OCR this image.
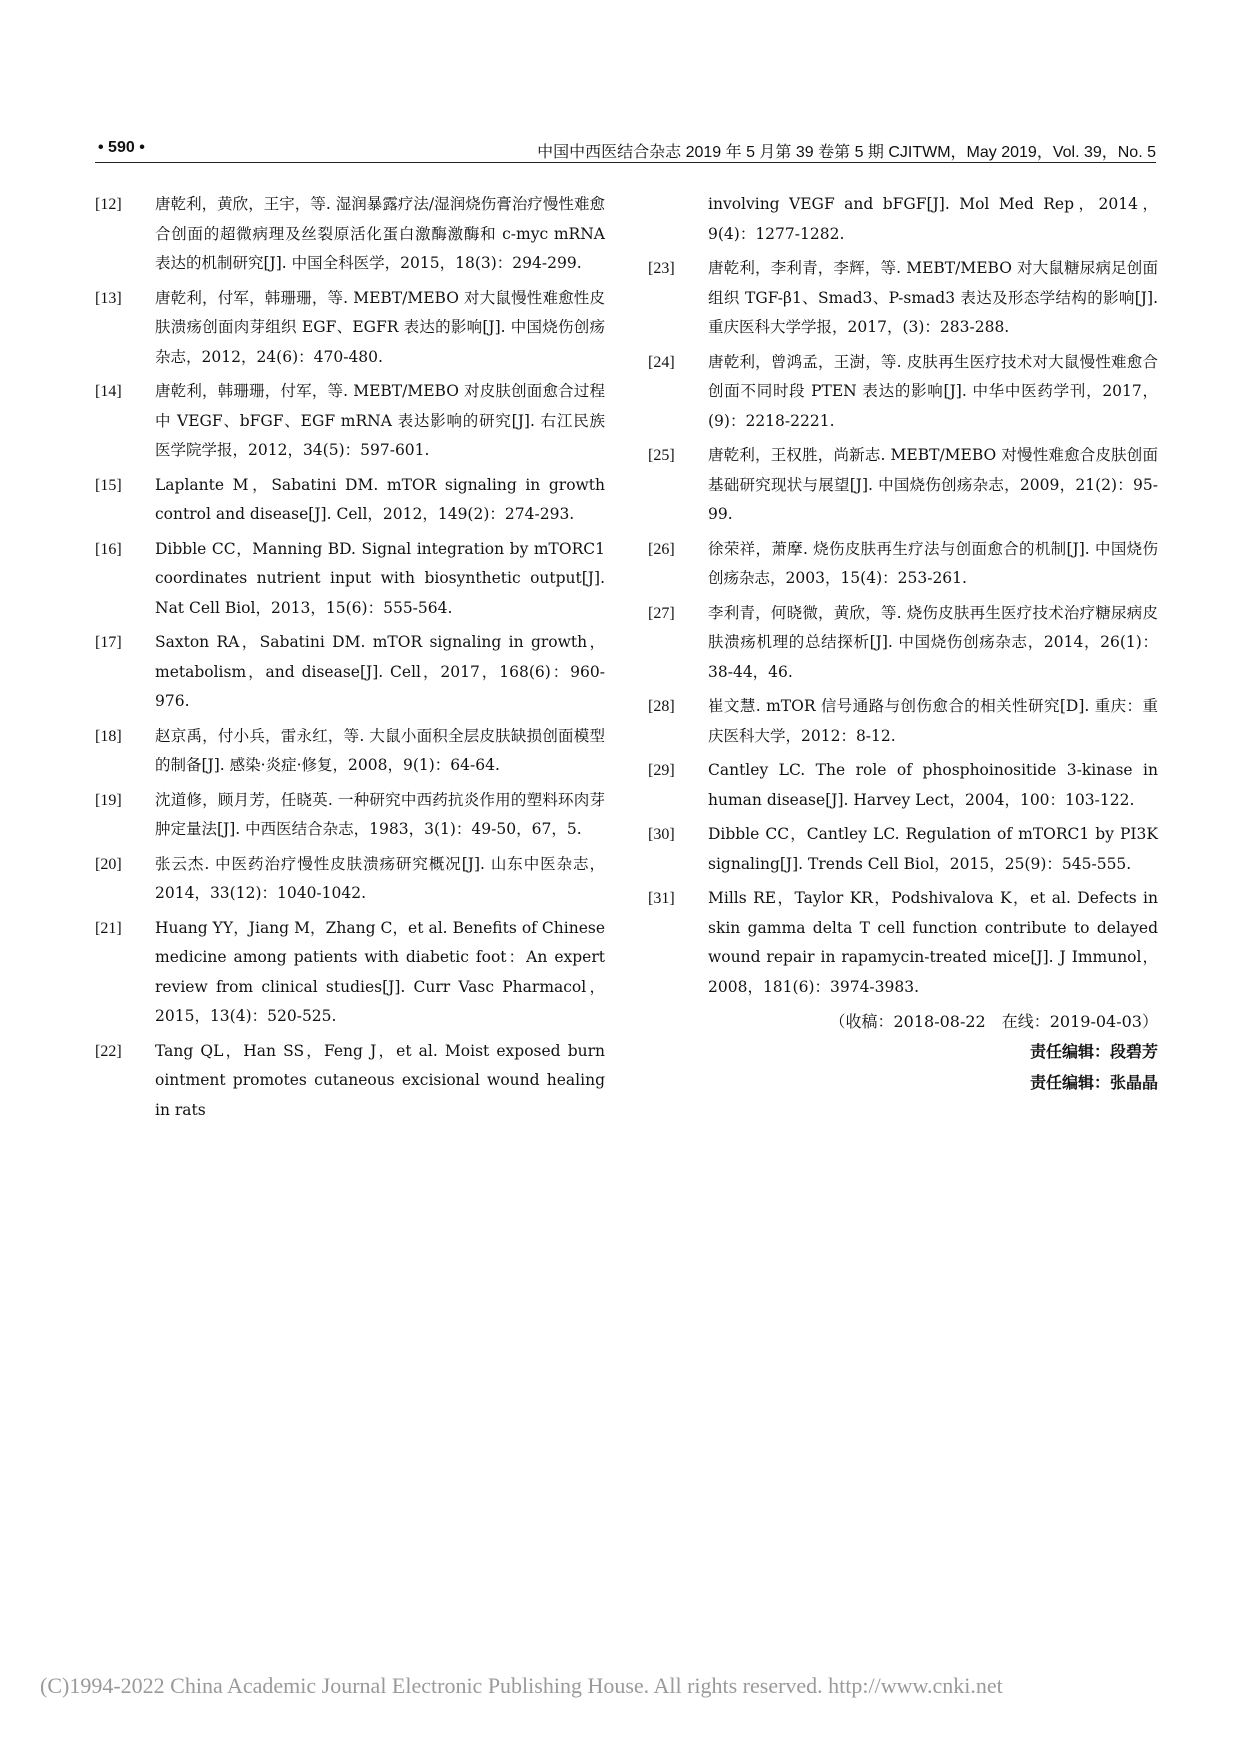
• 590 •	中国中西医结合杂志 2019 年 5 月第 39 卷第 5 期 CJITWM，May 2019，Vol. 39，No. 5
[12] 唐乾利，黄欣，王宇，等. 湿润暴露疗法/湿润烧伤膏治疗慢性难愈合创面的超微病理及丝裂原活化蛋白激酶激酶和 c-myc mRNA 表达的机制研究[J]. 中国全科医学，2015，18(3)：294-299.
[13] 唐乾利，付军，韩珊珊，等. MEBT/MEBO 对大鼠慢性难愈性皮肤溃疡创面肉芽组织 EGF、EGFR 表达的影响[J]. 中国烧伤创疡杂志，2012，24(6)：470-480.
[14] 唐乾利，韩珊珊，付军，等. MEBT/MEBO 对皮肤创面愈合过程中 VEGF、bFGF、EGF mRNA 表达影响的研究[J]. 右江民族医学院学报，2012，34(5)：597-601.
[15] Laplante M，Sabatini DM. mTOR signaling in growth control and disease[J]. Cell，2012，149(2)：274-293.
[16] Dibble CC，Manning BD. Signal integration by mTORC1 coordinates nutrient input with biosynthetic output[J]. Nat Cell Biol，2013，15(6)：555-564.
[17] Saxton RA，Sabatini DM. mTOR signaling in growth，metabolism，and disease[J]. Cell，2017，168(6)：960-976.
[18] 赵京禹，付小兵，雷永红，等. 大鼠小面积全层皮肤缺损创面模型的制备[J]. 感染·炎症·修复，2008，9(1)：64-64.
[19] 沈道修，顾月芳，任晓英. 一种研究中西药抗炎作用的塑料环肉芽肿定量法[J]. 中西医结合杂志，1983，3(1)：49-50，67，5.
[20] 张云杰. 中医药治疗慢性皮肤溃疡研究概况[J]. 山东中医杂志，2014，33(12)：1040-1042.
[21] Huang YY，Jiang M，Zhang C，et al. Benefits of Chinese medicine among patients with diabetic foot：An expert review from clinical studies[J]. Curr Vasc Pharmacol，2015，13(4)：520-525.
[22] Tang QL，Han SS，Feng J，et al. Moist exposed burn ointment promotes cutaneous excisional wound healing in rats
involving VEGF and bFGF[J]. Mol Med Rep，2014，9(4)：1277-1282.
[23] 唐乾利，李利青，李辉，等. MEBT/MEBO 对大鼠糖尿病足创面组织 TGF-β1、Smad3、P-smad3 表达及形态学结构的影响[J]. 重庆医科大学学报，2017，(3)：283-288.
[24] 唐乾利，曾鸿孟，王澍，等. 皮肤再生医疗技术对大鼠慢性难愈合创面不同时段 PTEN 表达的影响[J]. 中华中医药学刊，2017，(9)：2218-2221.
[25] 唐乾利，王权胜，尚新志. MEBT/MEBO 对慢性难愈合皮肤创面基础研究现状与展望[J]. 中国烧伤创疡杂志，2009，21(2)：95-99.
[26] 徐荣祥，萧摩. 烧伤皮肤再生疗法与创面愈合的机制[J]. 中国烧伤创疡杂志，2003，15(4)：253-261.
[27] 李利青，何晓微，黄欣，等. 烧伤皮肤再生医疗技术治疗糖尿病皮肤溃疡机理的总结探析[J]. 中国烧伤创疡杂志，2014，26(1)：38-44，46.
[28] 崔文慧. mTOR 信号通路与创伤愈合的相关性研究[D]. 重庆：重庆医科大学，2012：8-12.
[29] Cantley LC. The role of phosphoinositide 3-kinase in human disease[J]. Harvey Lect，2004，100：103-122.
[30] Dibble CC，Cantley LC. Regulation of mTORC1 by PI3K signaling[J]. Trends Cell Biol，2015，25(9)：545-555.
[31] Mills RE，Taylor KR，Podshivalova K，et al. Defects in skin gamma delta T cell function contribute to delayed wound repair in rapamycin-treated mice[J]. J Immunol，2008，181(6)：3974-3983.
（收稿：2018-08-22　在线：2019-04-03）
责任编辑：段碧芳
责任编辑：张晶晶
(C)1994-2022 China Academic Journal Electronic Publishing House. All rights reserved. http://www.cnki.net
